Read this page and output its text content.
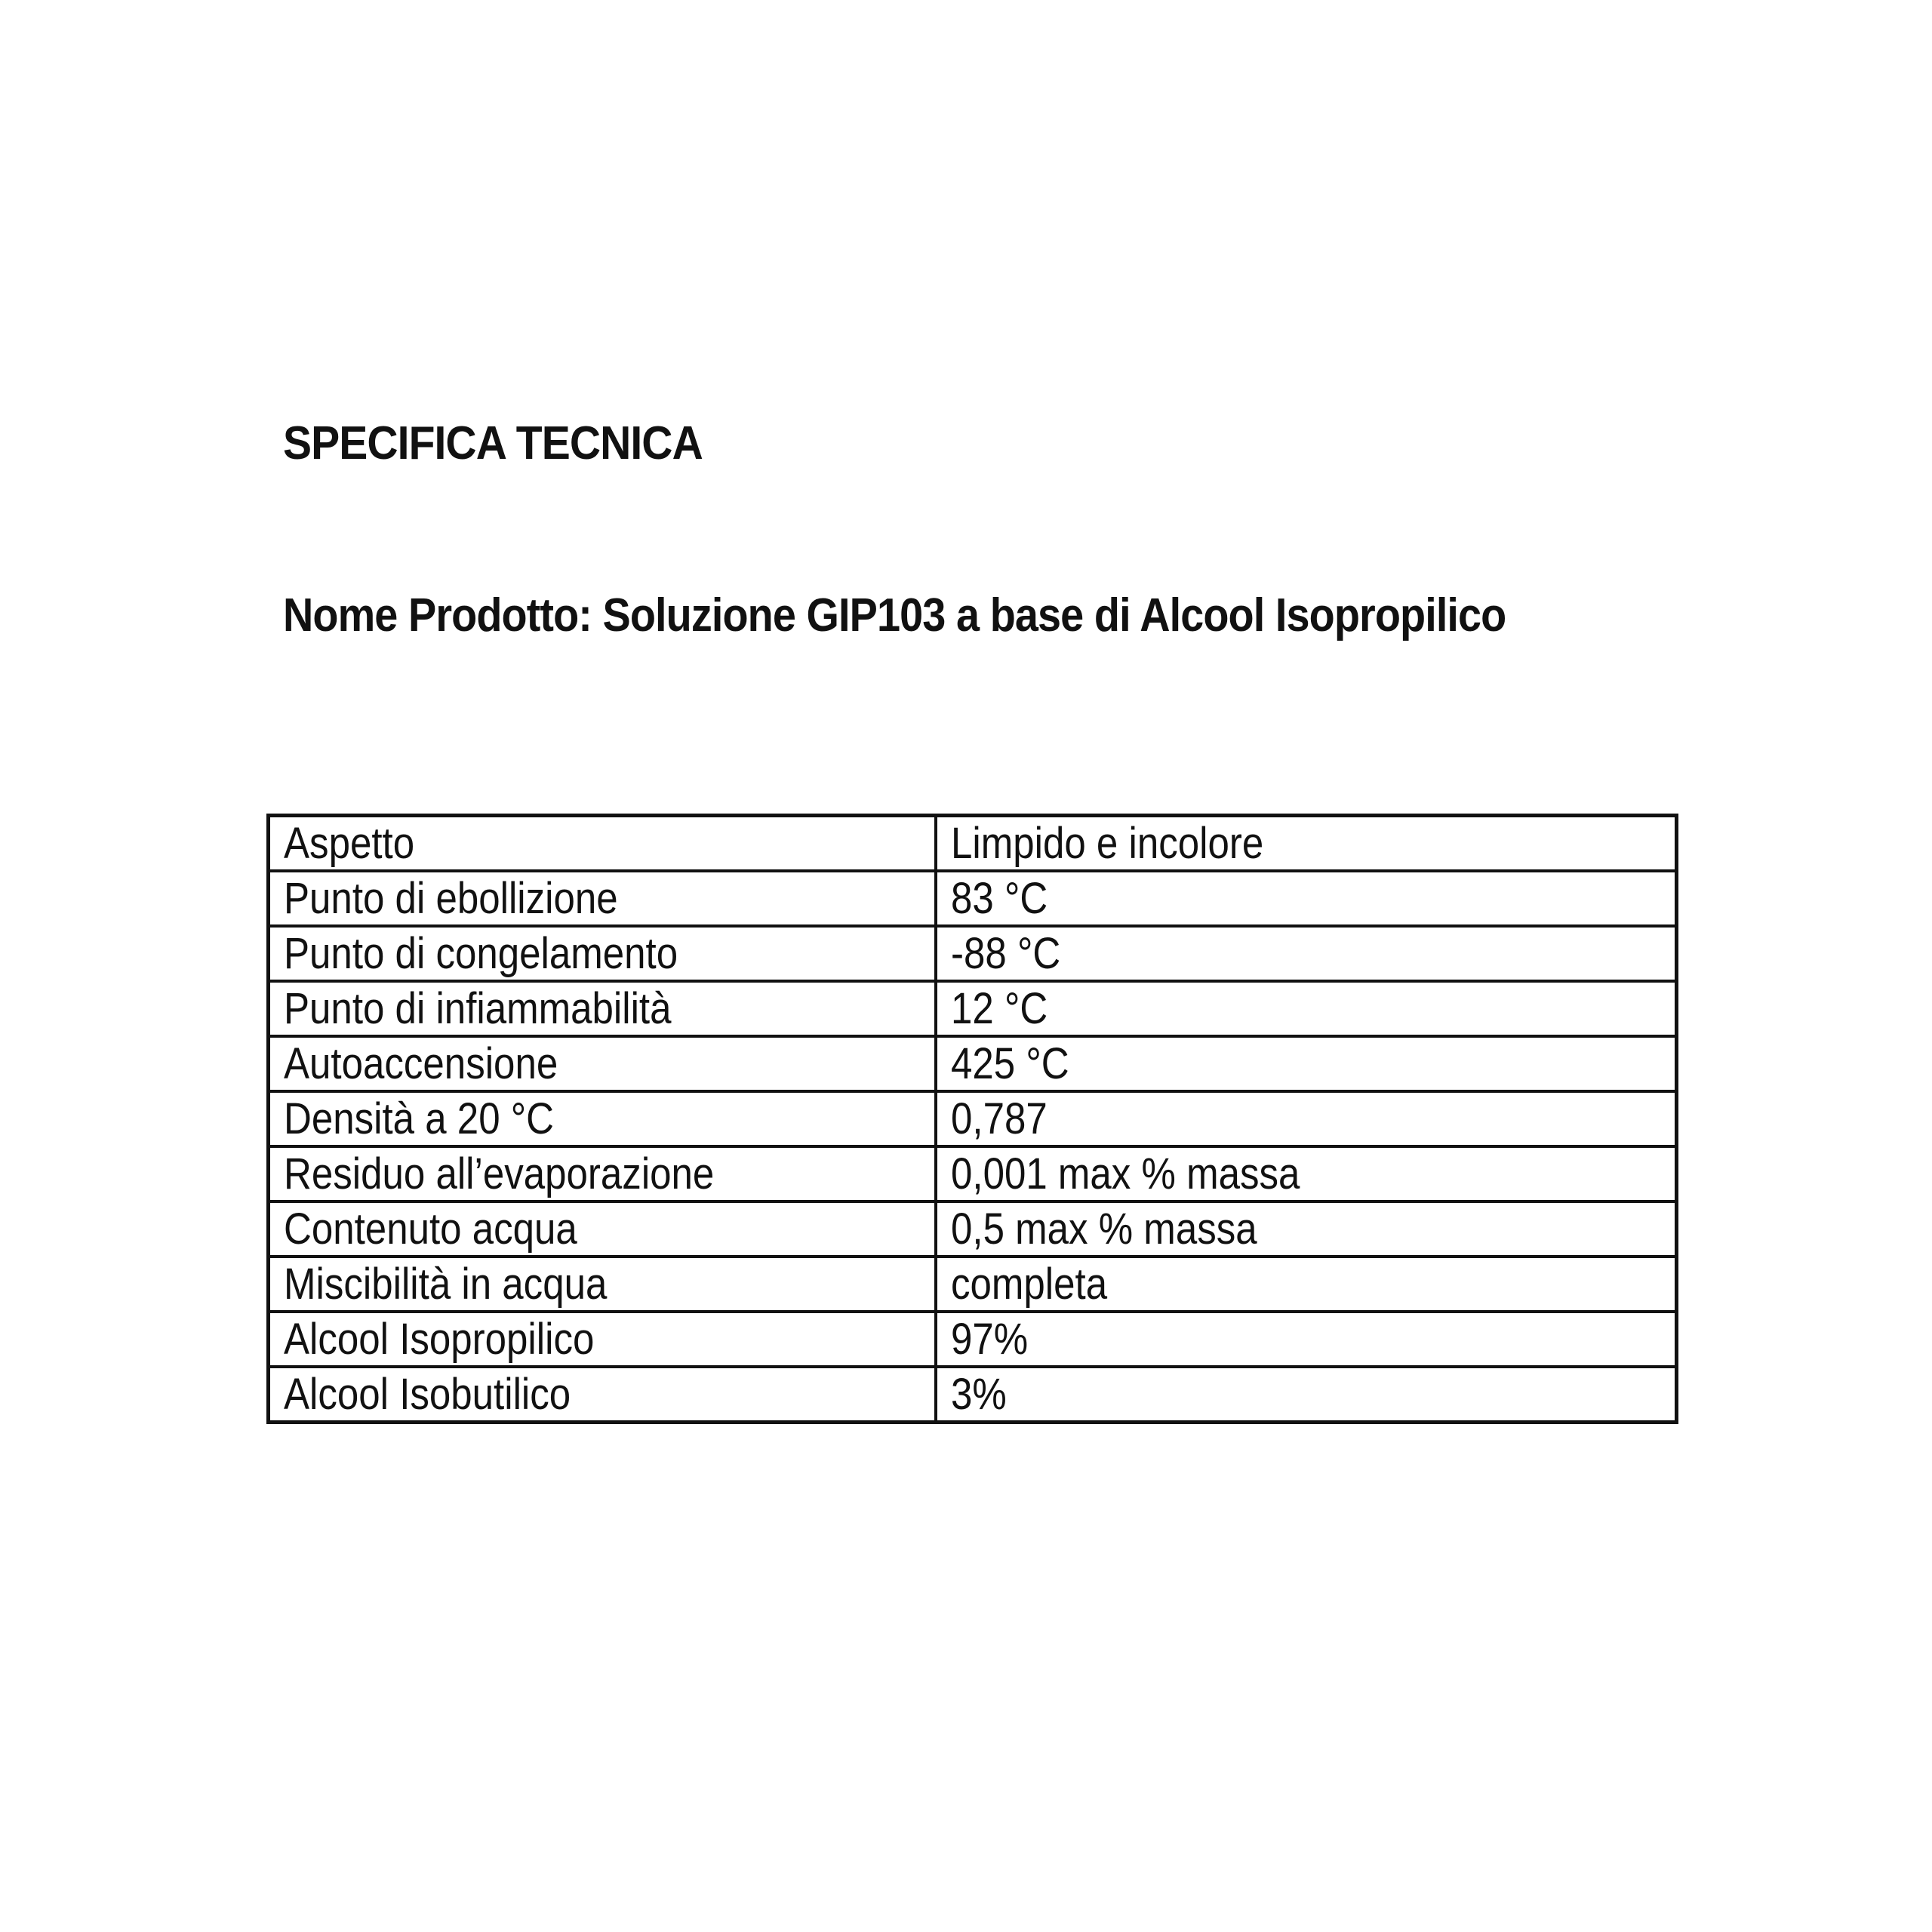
SPECIFICA TECNICA
Nome Prodotto: Soluzione GIP103 a base di Alcool Isopropilico
Aspetto	Limpido e incolore
Punto di ebollizione	83 °C
Punto di congelamento	-88 °C
Punto di infiammabilità	12 °C
Autoaccensione	425 °C
Densità a 20 °C	0,787
Residuo all’evaporazione	0,001 max % massa
Contenuto acqua	0,5 max % massa
Miscibilità in acqua	completa
Alcool Isopropilico	97%
Alcool Isobutilico	3%
